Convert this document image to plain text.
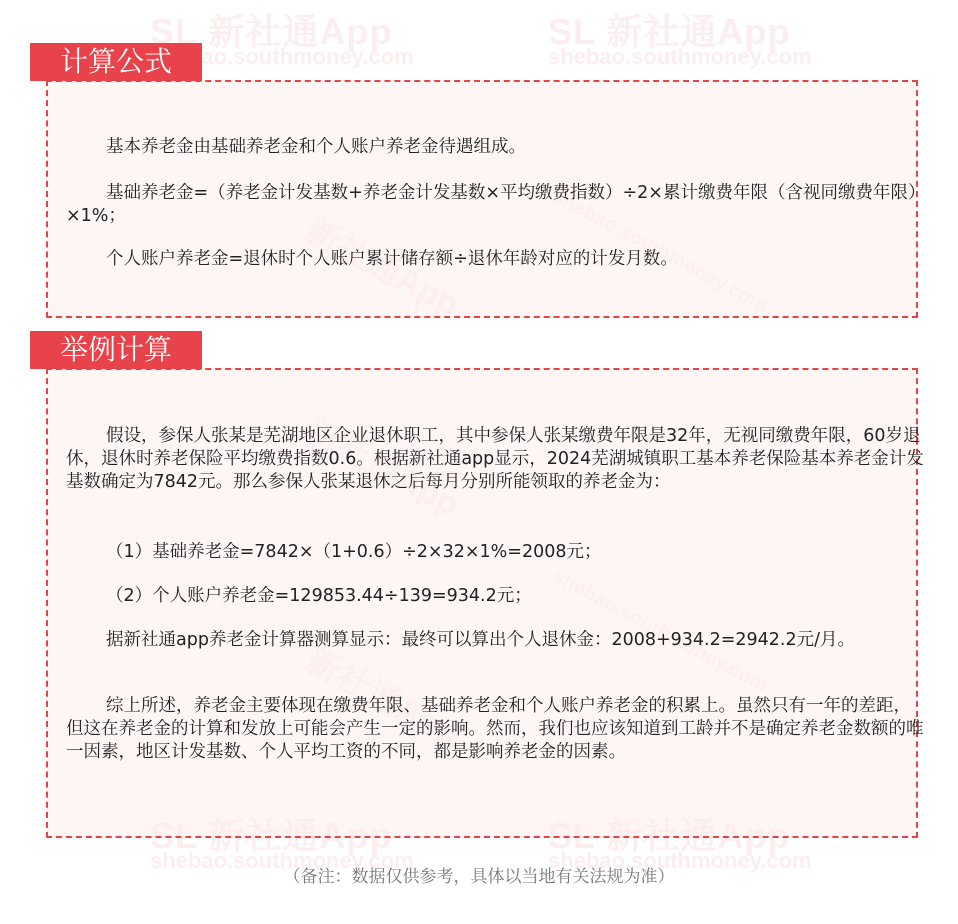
SL 新社通App
shebao.southmoney.com
SL 新社通App
shebao.southmoney.com
shebao.southmoney.com	shebao.southmoney.com
计算公式

基本养老金由基础养老金和个人账户养老金待遇组成。

基础养老金=（养老金计发基数+养老金计发基数×平均缴费指数）÷2×累计缴费年限（含视同缴费年限）×1%；

个人账户养老金=退休时个人账户累计储存额÷退休年龄对应的计发月数。

举例计算

假设，参保人张某是芜湖地区企业退休职工，其中参保人张某缴费年限是32年，无视同缴费年限，60岁退休，退休时养老保险平均缴费指数0.6。根据新社通app显示，2024芜湖城镇职工基本养老保险基本养老金计发基数确定为7842元。那么参保人张某退休之后每月分别所能领取的养老金为：

（1）基础养老金=7842×（1+0.6）÷2×32×1%=2008元；

（2）个人账户养老金=129853.44÷139=934.2元；

据新社通app养老金计算器测算显示：最终可以算出个人退休金：2008+934.2=2942.2元/月。

综上所述，养老金主要体现在缴费年限、基础养老金和个人账户养老金的积累上。虽然只有一年的差距，但这在养老金的计算和发放上可能会产生一定的影响。然而，我们也应该知道到工龄并不是确定养老金数额的唯一因素，地区计发基数、个人平均工资的不同，都是影响养老金的因素。

（备注：数据仅供参考，具体以当地有关法规为准）
